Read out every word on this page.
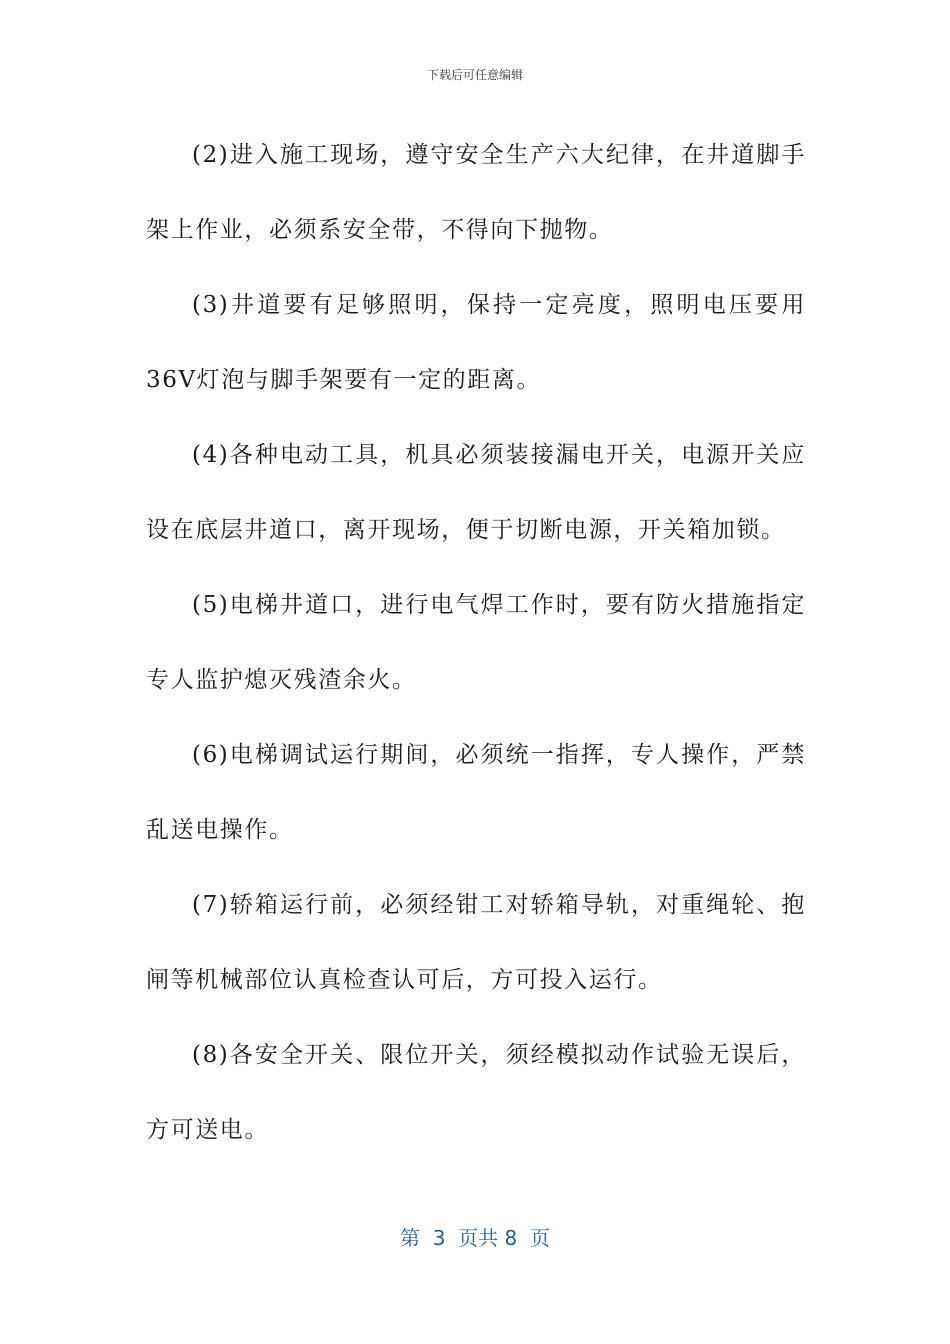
下载后可任意编辑

(2)进入施工现场，遵守安全生产六大纪律，在井道脚手架上作业，必须系安全带，不得向下抛物。

(3)井道要有足够照明，保持一定亮度，照明电压要用36V灯泡与脚手架要有一定的距离。

(4)各种电动工具，机具必须装接漏电开关，电源开关应设在底层井道口，离开现场，便于切断电源，开关箱加锁。

(5)电梯井道口，进行电气焊工作时，要有防火措施指定专人监护熄灭残渣余火。

(6)电梯调试运行期间，必须统一指挥，专人操作，严禁乱送电操作。

(7)轿箱运行前，必须经钳工对轿箱导轨，对重绳轮、抱闸等机械部位认真检查认可后，方可投入运行。

(8)各安全开关、限位开关，须经模拟动作试验无误后，方可送电。

第  3  页共 8  页
